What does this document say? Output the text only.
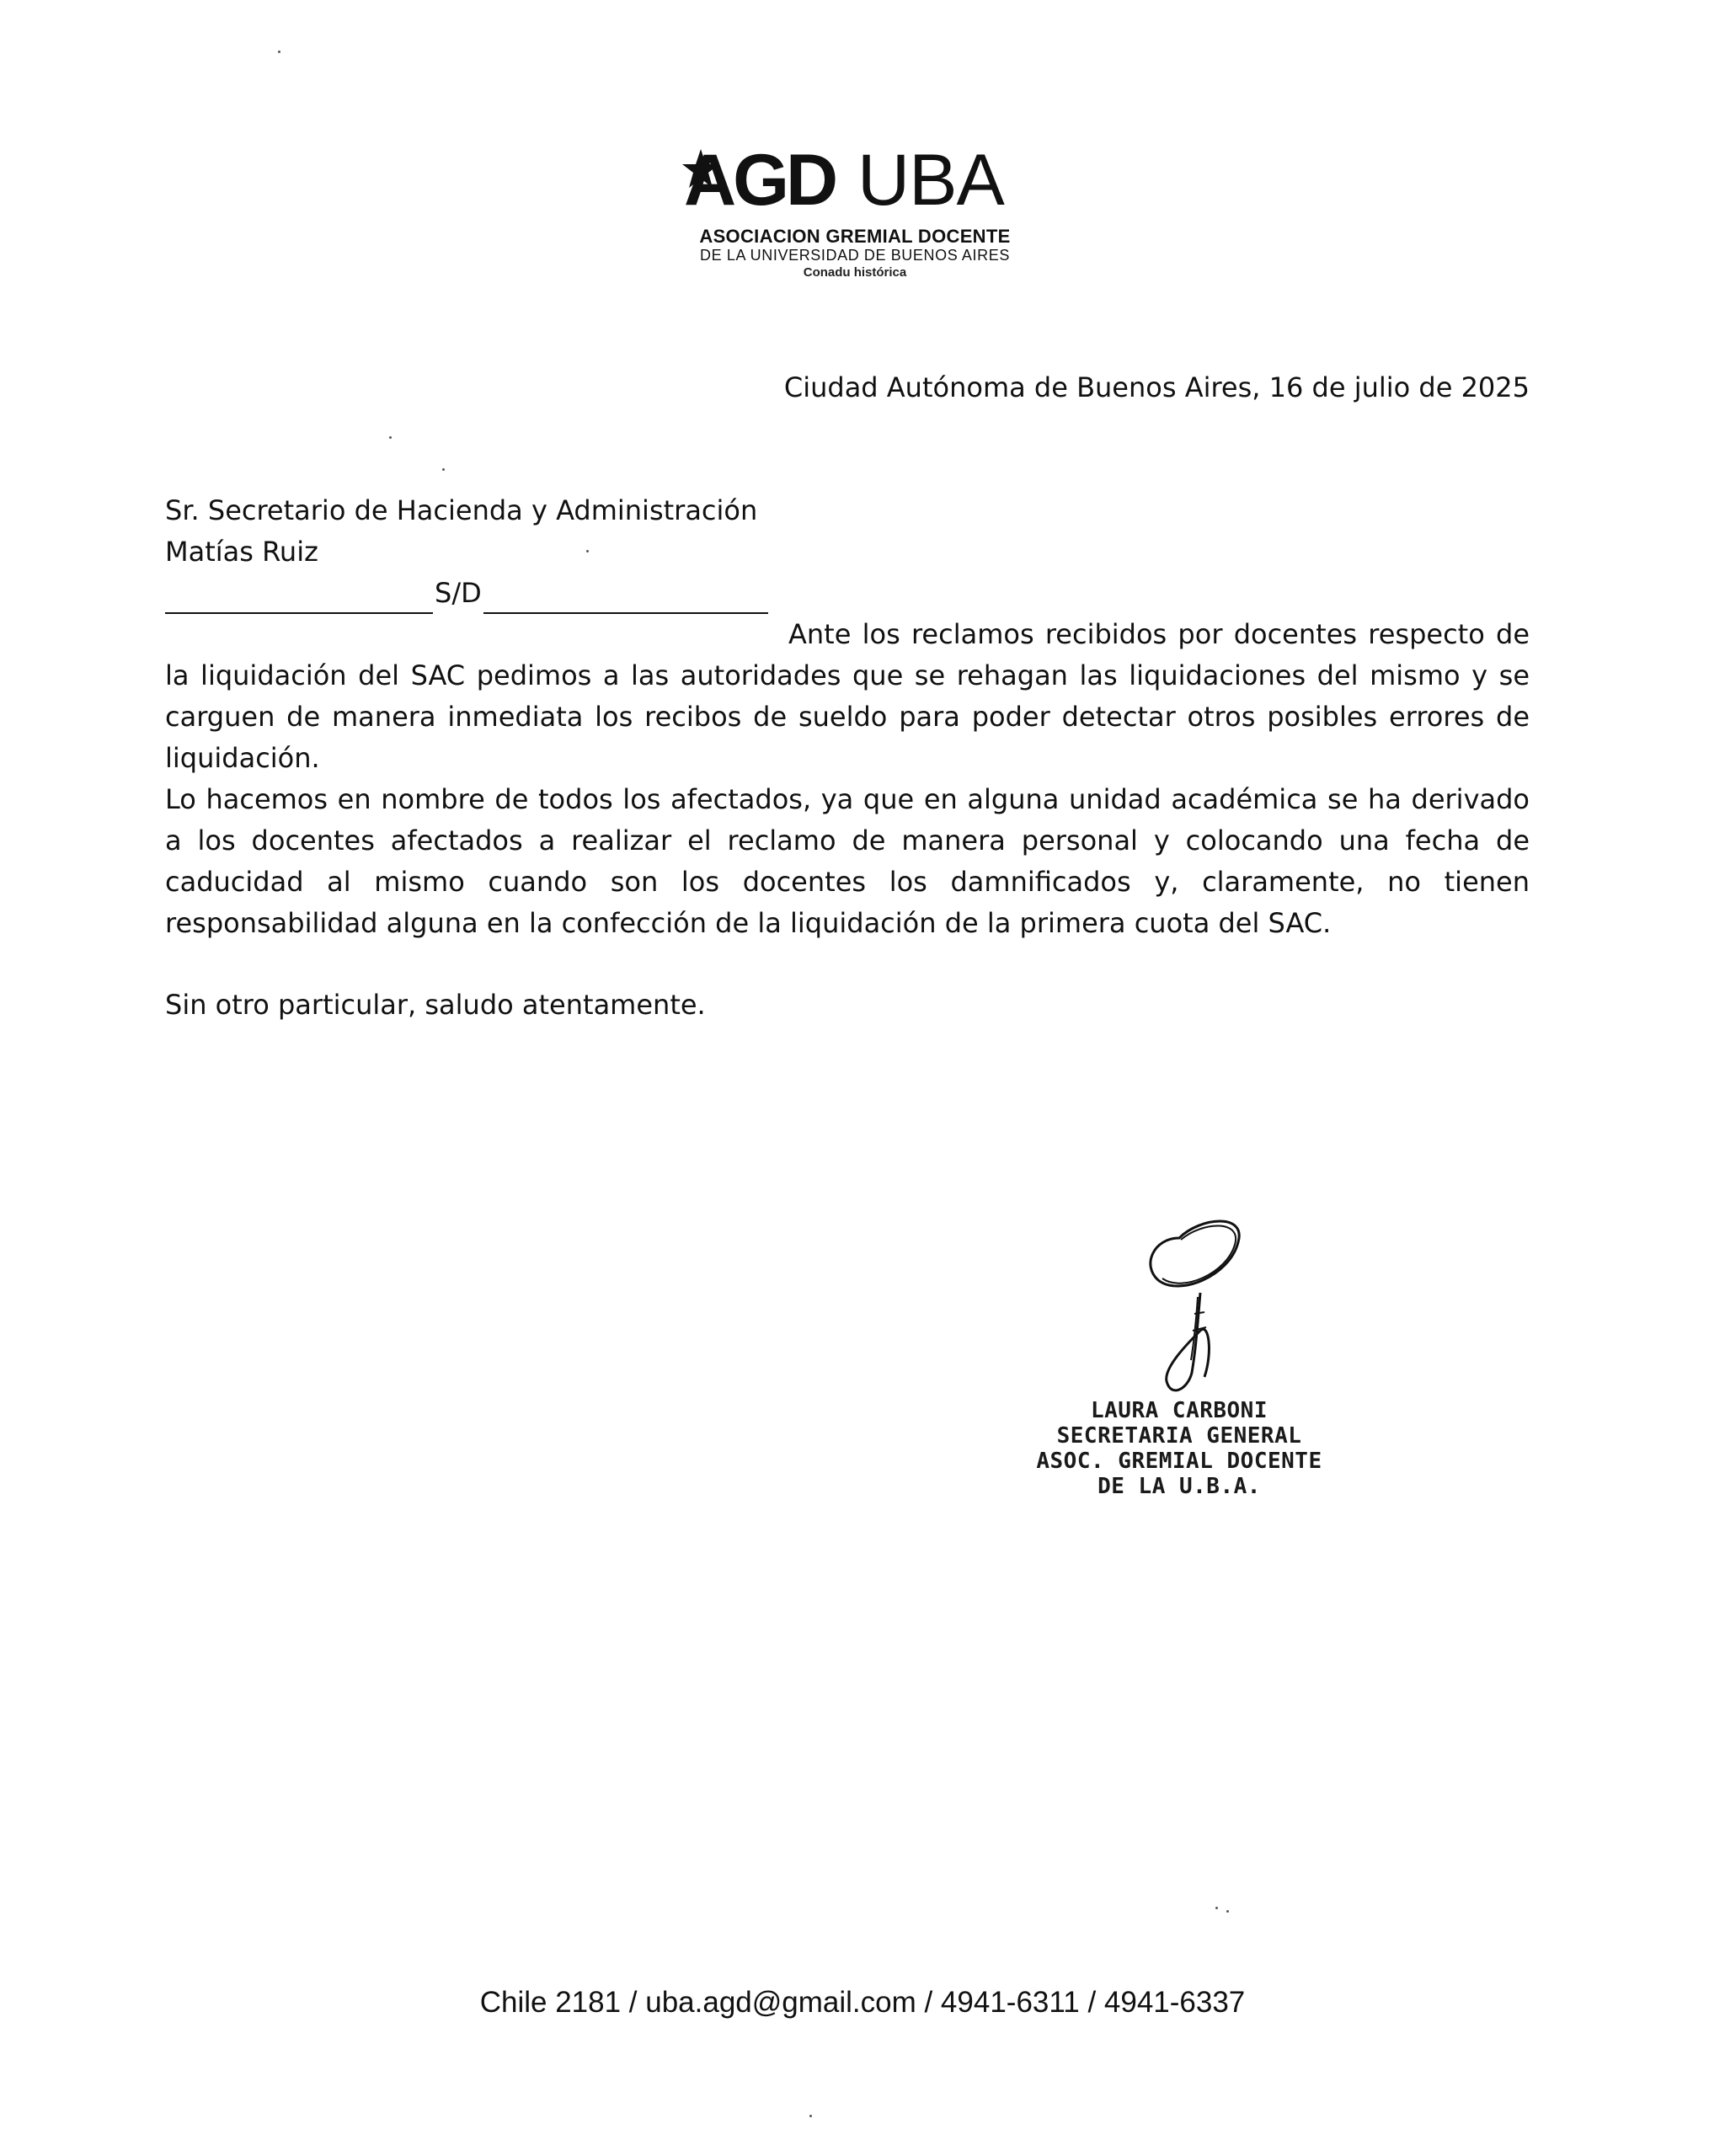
AGD UBA
ASOCIACION GREMIAL DOCENTE
DE LA UNIVERSIDAD DE BUENOS AIRES
Conadu histórica
Ciudad Autónoma de Buenos Aires, 16 de julio de 2025
Sr. Secretario de Hacienda y Administración
Matías Ruiz
S/D

Ante los reclamos recibidos por docentes respecto de la liquidación del SAC pedimos a las autoridades que se rehagan las liquidaciones del mismo y se carguen de manera inmediata los recibos de sueldo para poder detectar otros posibles errores de liquidación.

Lo hacemos en nombre de todos los afectados, ya que en alguna unidad académica se ha derivado a los docentes afectados a realizar el reclamo de manera personal y colocando una fecha de caducidad al mismo cuando son los docentes los damnificados y, claramente, no tienen responsabilidad alguna en la confección de la liquidación de la primera cuota del SAC.

Sin otro particular, saludo atentamente.
LAURA CARBONI
SECRETARIA GENERAL
ASOC. GREMIAL DOCENTE
DE LA U.B.A.
Chile 2181 / uba.agd@gmail.com / 4941-6311 / 4941-6337
